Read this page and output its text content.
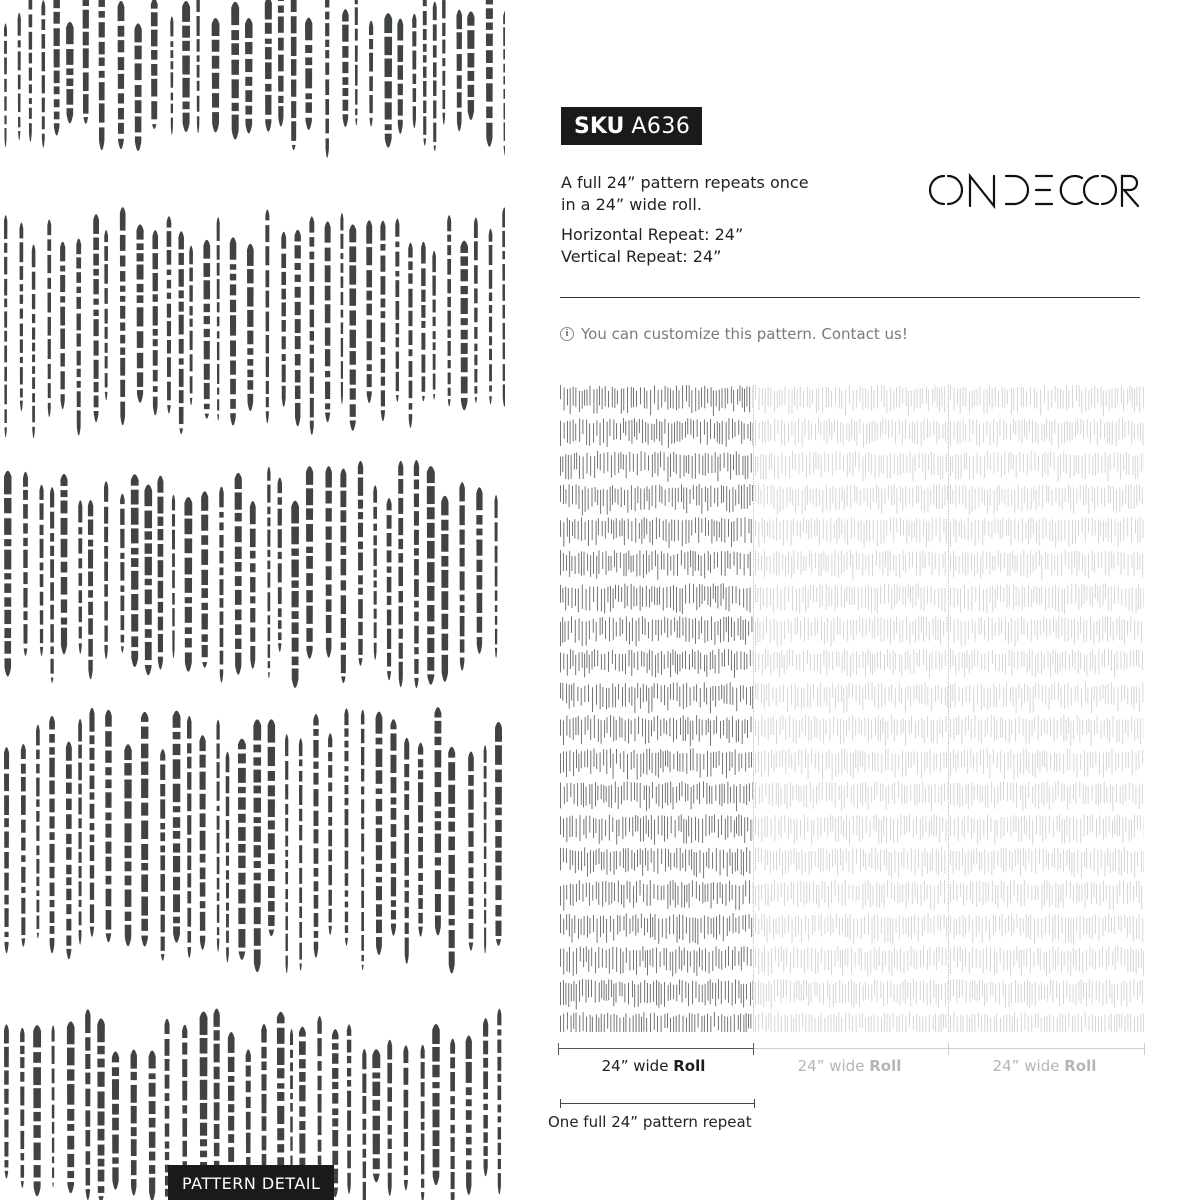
PATTERN DETAIL
SKU A636

A full 24” pattern repeats once
in a 24” wide roll.

Horizontal Repeat: 24”
Vertical Repeat: 24”

You can customize this pattern. Contact us!
24” wide Roll	24” wide Roll	24” wide Roll
One full 24” pattern repeat
